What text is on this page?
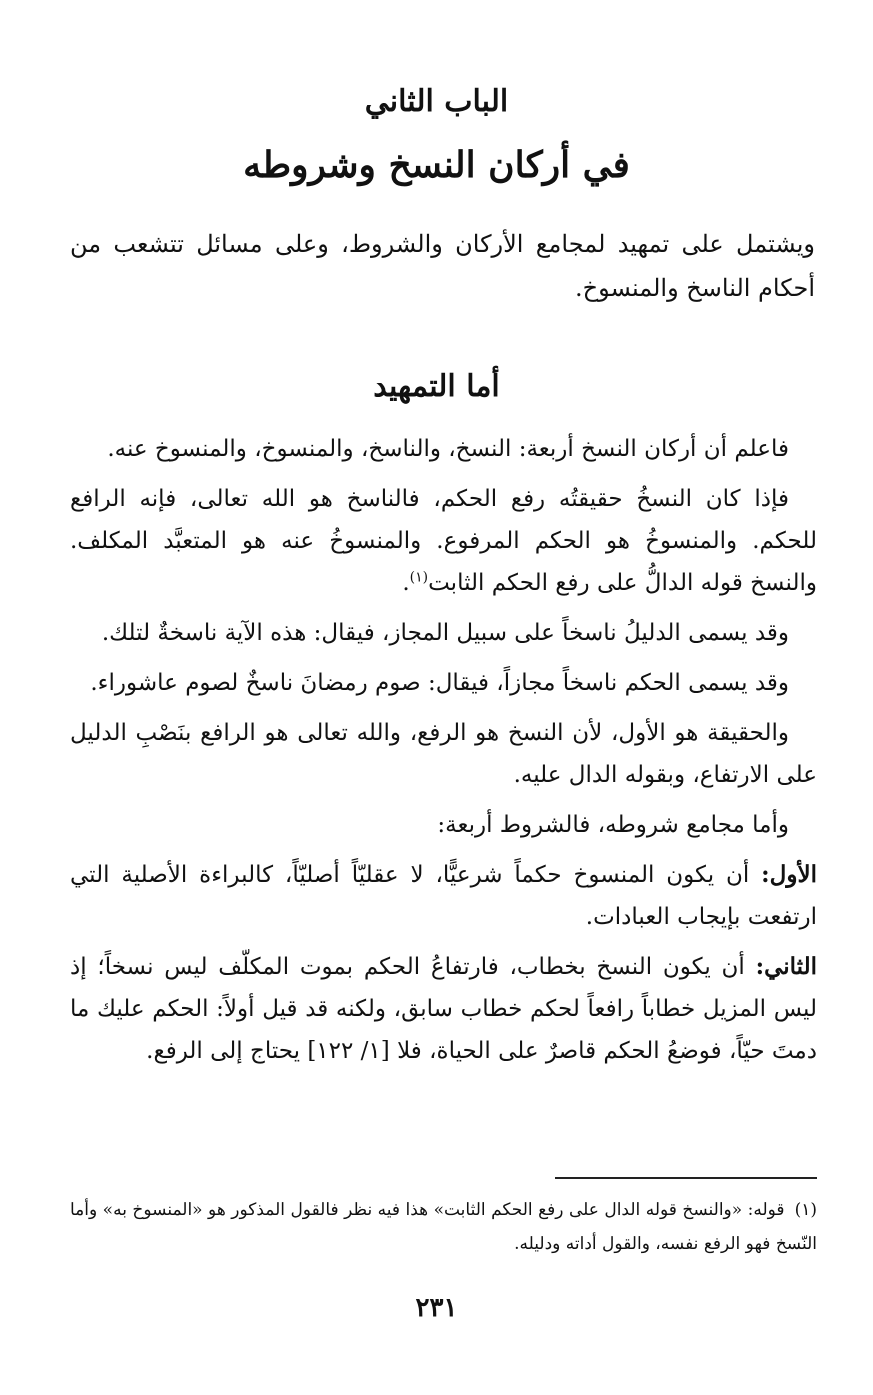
الباب الثاني
في أركان النسخ وشروطه
ويشتمل على تمهيد لمجامع الأركان والشروط، وعلى مسائل تتشعب من أحكام الناسخ والمنسوخ.
أما التمهيد

فاعلم أن أركان النسخ أربعة: النسخ، والناسخ، والمنسوخ، والمنسوخ عنه.

فإذا كان النسخُ حقيقتُه رفع الحكم، فالناسخ هو الله تعالى، فإنه الرافع للحكم. والمنسوخُ هو الحكم المرفوع. والمنسوخُ عنه هو المتعبَّد المكلف. والنسخ قوله الدالُّ على رفع الحكم الثابت$^{(١)}$.

وقد يسمى الدليلُ ناسخاً على سبيل المجاز، فيقال: هذه الآية ناسخةٌ لتلك.

وقد يسمى الحكم ناسخاً مجازاً، فيقال: صوم رمضانَ ناسخٌ لصوم عاشوراء.

والحقيقة هو الأول، لأن النسخ هو الرفع، والله تعالى هو الرافع بنَصْبِ الدليل على الارتفاع، وبقوله الدال عليه.

وأما مجامع شروطه، فالشروط أربعة:

الأول: أن يكون المنسوخ حكماً شرعيًّا، لا عقليّاً أصليّاً، كالبراءة الأصلية التي ارتفعت بإيجاب العبادات.

الثاني: أن يكون النسخ بخطاب، فارتفاعُ الحكم بموت المكلّف ليس نسخاً؛ إذ ليس المزيل خطاباً رافعاً لحكم خطاب سابق، ولكنه قد قيل أولاً: الحكم عليك ما دمتَ حيّاً، فوضعُ الحكم قاصرٌ على الحياة، فلا [١/ ١٢٢] يحتاج إلى الرفع.

(١)قوله: «والنسخ قوله الدال على رفع الحكم الثابت» هذا فيه نظر فالقول المذكور هو «المنسوخ به» وأما النّسخ فهو الرفع نفسه، والقول أداته ودليله.
٢٣١
